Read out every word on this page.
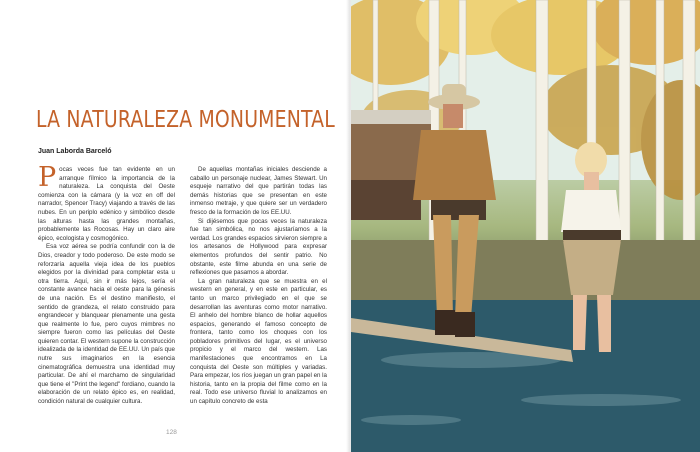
LA NATURALEZA MONUMENTAL
Juan Laborda Barceló

Pocas veces fue tan evidente en un arranque fílmico la importancia de la naturaleza. La conquista del Oeste comienza con la cámara (y la voz en off del narrador, Spencer Tracy) viajando a través de las nubes. En un periplo edénico y simbólico desde las alturas hasta las grandes montañas, probablemente las Rocosas. Hay un claro aire épico, ecologista y cosmogónico.

Esa voz aérea se podría confundir con la de Dios, creador y todo poderoso. De este modo se reforzaría aquella vieja idea de los pueblos elegidos por la divinidad para completar esta u otra tierra. Aquí, sin ir más lejos, sería el constante avance hacia el oeste para la génesis de una nación. Es el destino manifiesto, el sentido de grandeza, el relato construido para engrandecer y blanquear plenamente una gesta que realmente lo fue, pero cuyos mimbres no siempre fueron como las películas del Oeste quieren contar. El western supone la construcción idealizada de la identidad de EE.UU. Un país que nutre sus imaginarios en la esencia cinematográfica demuestra una identidad muy particular. De ahí el marchamo de singularidad que tiene el "Print the legend" fordiano, cuando la elaboración de un relato épico es, en realidad, condición natural de cualquier cultura.

De aquellas montañas iniciales desciende a caballo un personaje nuclear, James Stewart. Un esqueje narrativo del que partirán todas las demás historias que se presentan en este inmenso metraje, y que quiere ser un verdadero fresco de la formación de los EE.UU.

Si dijésemos que pocas veces la naturaleza fue tan simbólica, no nos ajustaríamos a la verdad. Los grandes espacios sirvieron siempre a los artesanos de Hollywood para expresar elementos profundos del sentir patrio. No obstante, este filme abunda en una serie de reflexiones que pasamos a abordar.

La gran naturaleza que se muestra en el western en general, y en este en particular, es tanto un marco privilegiado en el que se desarrollan las aventuras como motor narrativo. El anhelo del hombre blanco de hollar aquellos espacios, generando el famoso concepto de frontera, tanto como los choques con los pobladores primitivos del lugar, es el universo propicio y el marco del western. Las manifestaciones que encontramos en La conquista del Oeste son múltiples y variadas. Para empezar, los ríos juegan un gran papel en la historia, tanto en la propia del filme como en la real. Todo ese universo fluvial lo analizamos en un capítulo concreto de esta

128
